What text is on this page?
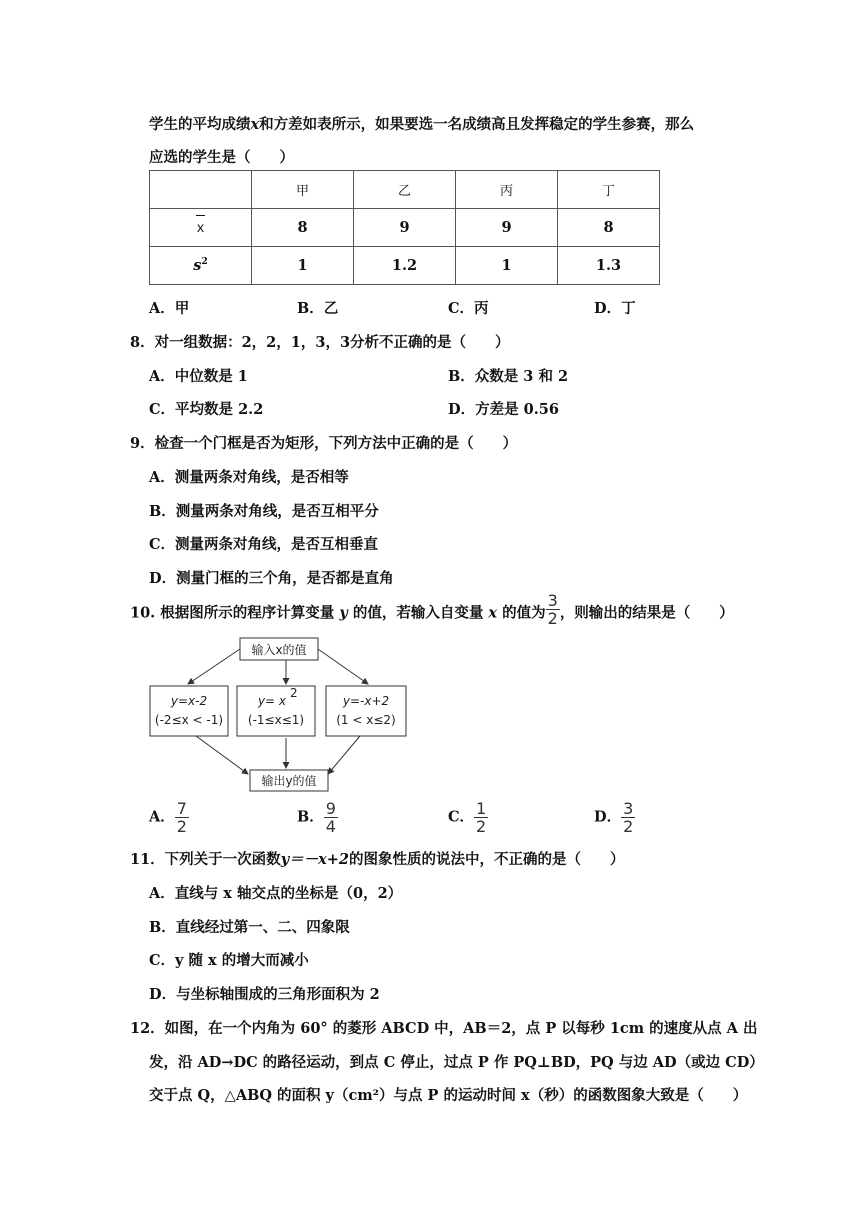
学生的平均成绩x和方差如表所示，如果要选一名成绩高且发挥稳定的学生参赛，那么
应选的学生是（　　）
	甲	乙	丙	丁
x	8	9	9	8
$s^2$	1	1.2	1	1.3
A．甲	B．乙	C．丙	D．丁
8．对一组数据：2，2，1，3，3分析不正确的是（　　）
A．中位数是 1	B．众数是 3 和 2
C．平均数是 2.2	D．方差是 0.56
9．检查一个门框是否为矩形，下列方法中正确的是（　　）
A．测量两条对角线，是否相等
B．测量两条对角线，是否互相平分
C．测量两条对角线，是否互相垂直
D．测量门框的三个角，是否都是直角
10. 根据图所示的程序计算变量 y 的值，若输入自变量 x 的值为 $\frac{3}{2}$ ，则输出的结果是（　　）
输入x的值
y=x-2
(-2≤x < -1)
y= x
2
(-1≤x≤1)
y=-x+2
(1 < x≤2)
输出y的值
A． $\frac{7}{2}$	B． $\frac{9}{4}$	C． $\frac{1}{2}$	D． $\frac{3}{2}$
11．下列关于一次函数y＝－x+2的图象性质的说法中，不正确的是（　　）
A．直线与 x 轴交点的坐标是（0，2）
B．直线经过第一、二、四象限
C．y 随 x 的增大而减小
D．与坐标轴围成的三角形面积为 2
12．如图，在一个内角为 60° 的菱形 ABCD 中，AB＝2，点 P 以每秒 1cm 的速度从点 A 出
发，沿 AD→DC 的路径运动，到点 C 停止，过点 P 作 PQ⊥BD，PQ 与边 AD（或边 CD）
交于点 Q，△ABQ 的面积 y（cm²）与点 P 的运动时间 x（秒）的函数图象大致是（　　）
